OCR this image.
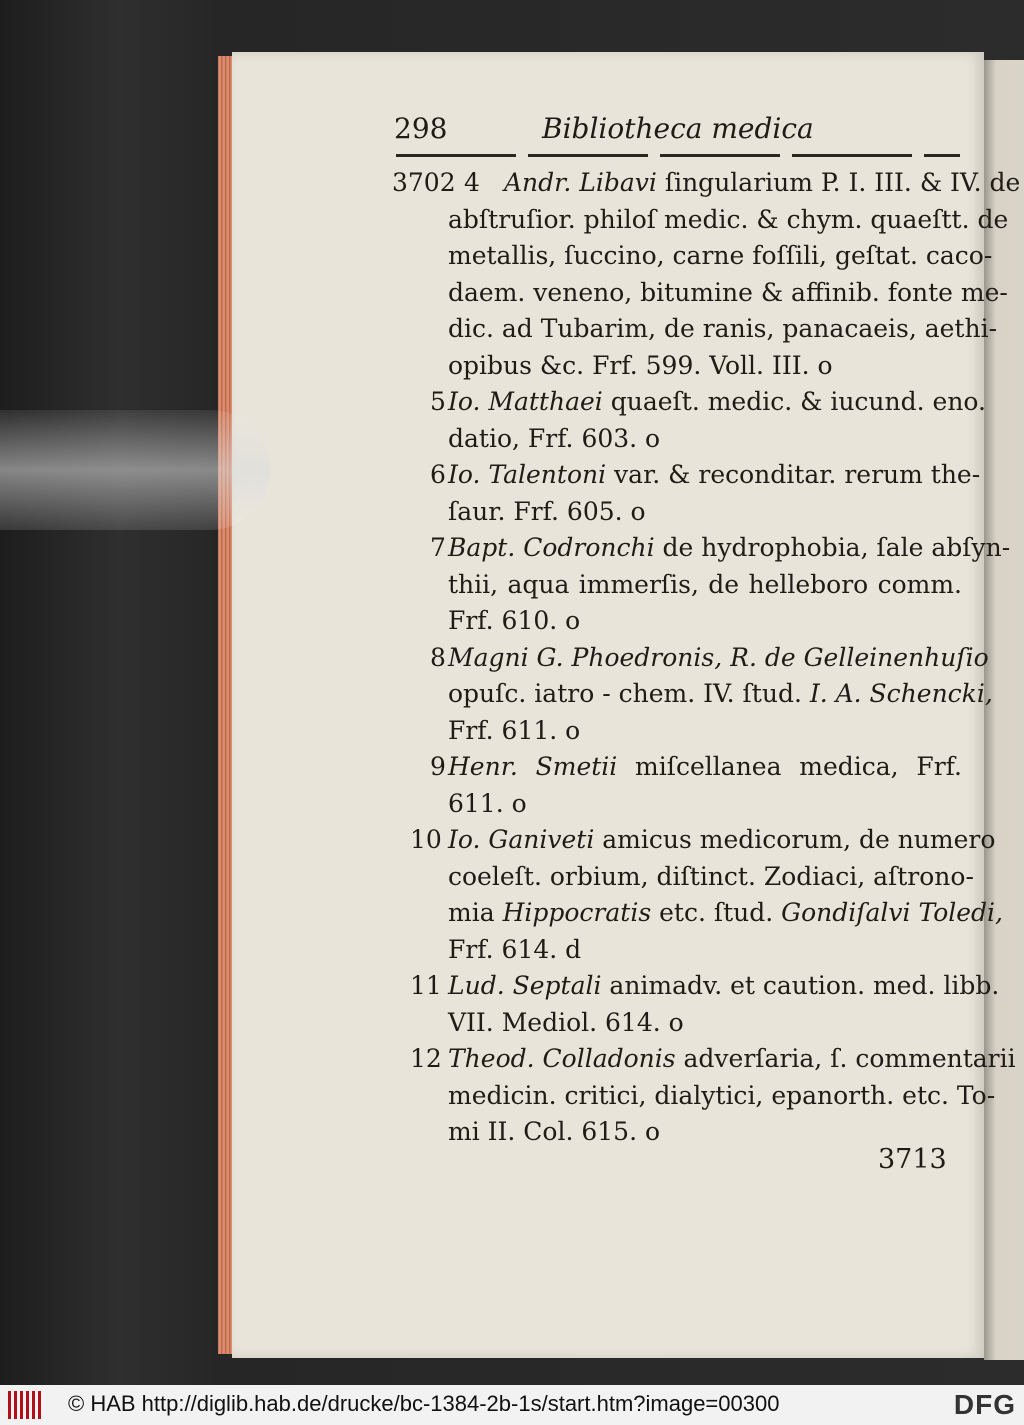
298	Bibliotheca medica
3702 4 Andr. Libavi ſingularium P. I. III. & IV. de
abſtruſior. philoſ medic. & chym. quaeſtt. de
metallis, ſuccino, carne foſſili, geſtat. caco-
daem. veneno, bitumine & affinib. fonte me-
dic. ad Tubarim, de ranis, panacaeis, aethi-
opibus &c. Frf. 599. Voll. III. o
5 Io. Matthaei quaeſt. medic. & iucund. eno.
datio, Frf. 603. o
6 Io. Talentoni var. & reconditar. rerum the-
ſaur. Frf. 605. o
7 Bapt. Codronchi de hydrophobia, ſale abſyn-
thii, aqua immerſis, de helleboro comm.
Frf. 610. o
8 Magni G. Phoedronis, R. de Gelleinenhuſio
opuſc. iatro - chem. IV. ſtud. I. A. Schencki,
Frf. 611. o
9 Henr. Smetii miſcellanea medica, Frf.
611. o
10 Io. Ganiveti amicus medicorum, de numero
coeleſt. orbium, diſtinct. Zodiaci, aſtrono-
mia Hippocratis etc. ſtud. Gondiſalvi Toledi,
Frf. 614. d
11 Lud. Septali animadv. et caution. med. libb.
VII. Mediol. 614. o
12 Theod. Colladonis adverſaria, ſ. commentarii
medicin. critici, dialytici, epanorth. etc. To-
mi II. Col. 615. o
3713
© HAB http://diglib.hab.de/drucke/bc-1384-2b-1s/start.htm?image=00300	DFG
